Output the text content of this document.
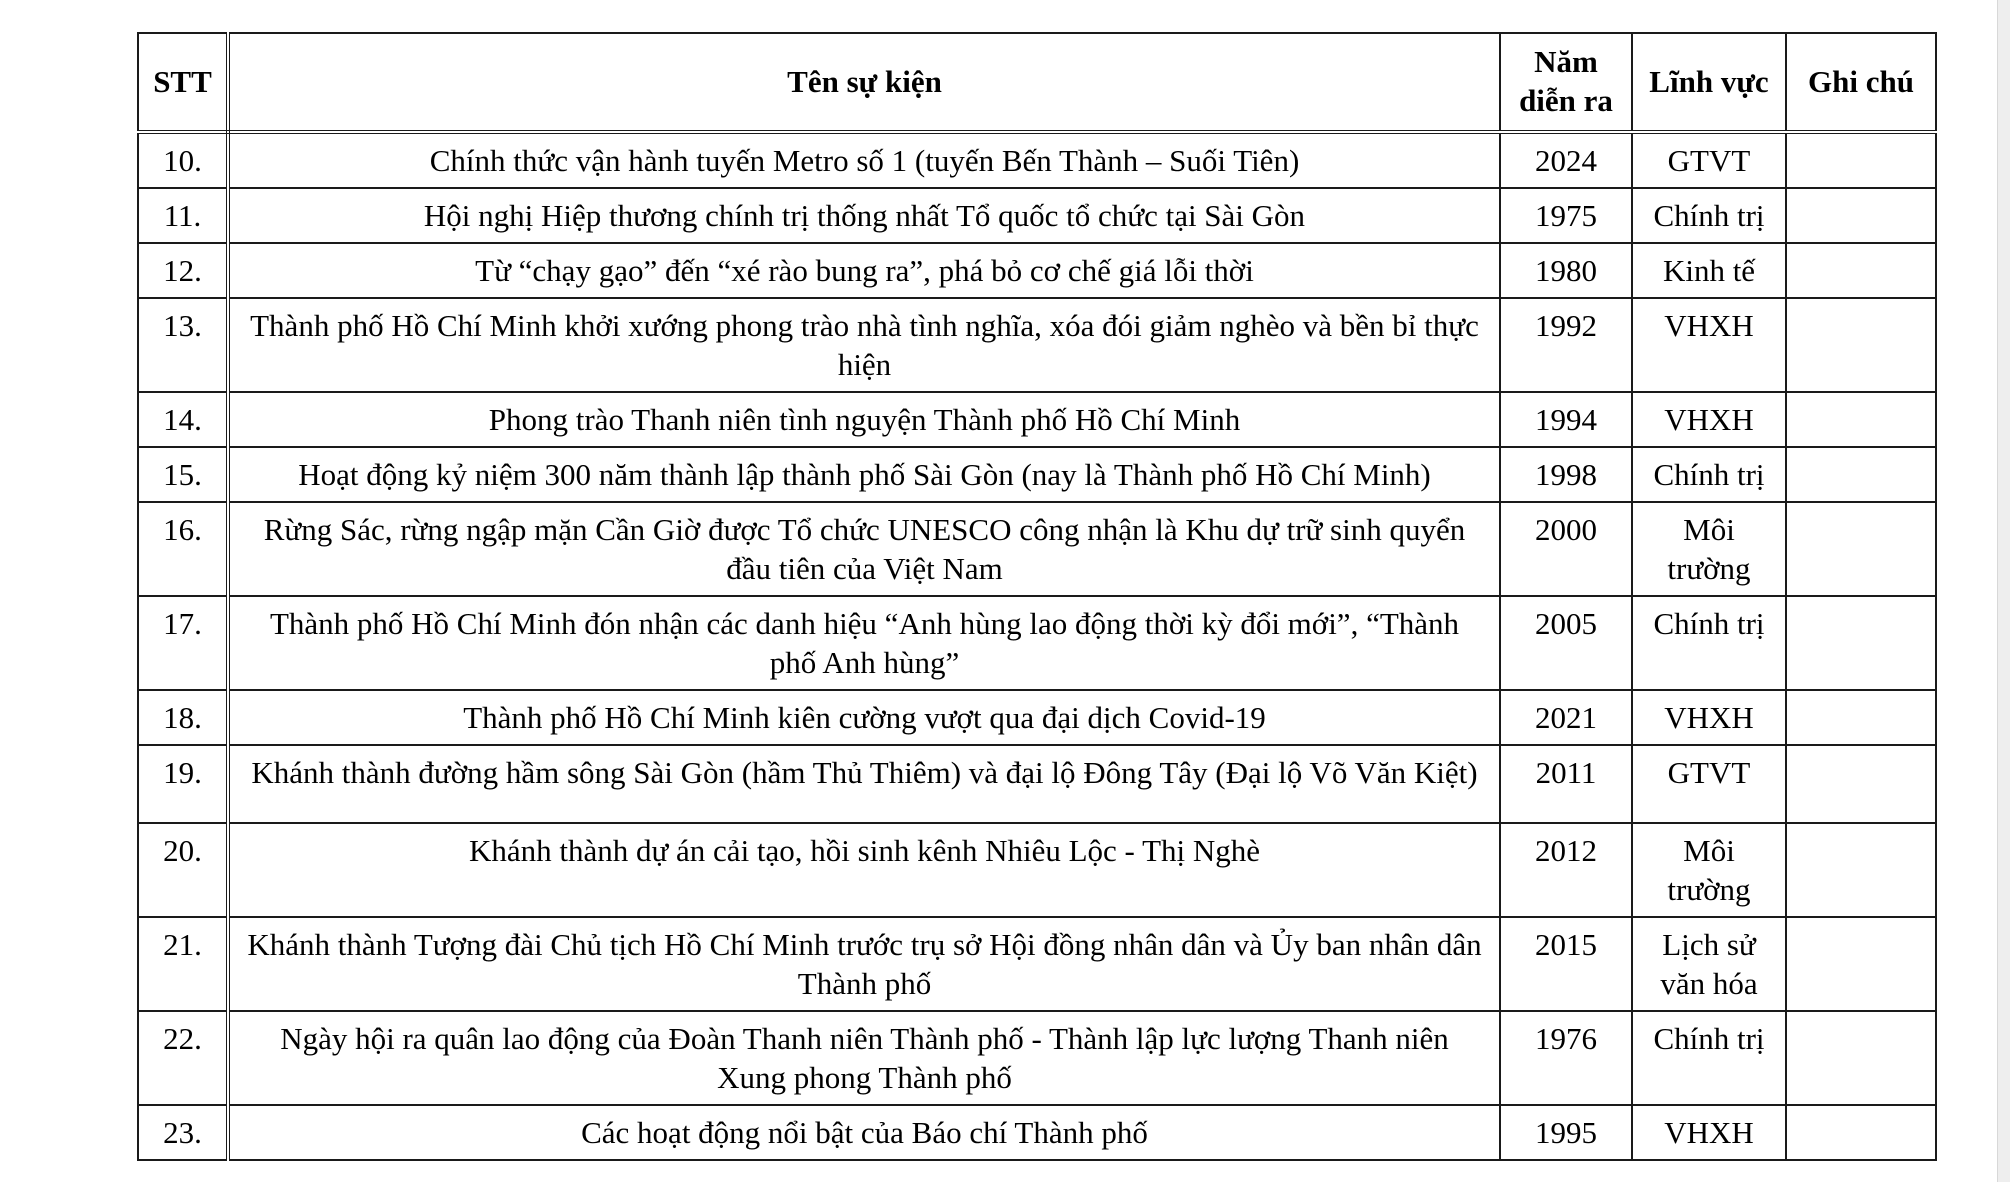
STT	Tên sự kiện	Năm diễn ra	Lĩnh vực	Ghi chú
10.	Chính thức vận hành tuyến Metro số 1 (tuyến Bến Thành – Suối Tiên)	2024	GTVT	
11.	Hội nghị Hiệp thương chính trị thống nhất Tổ quốc tổ chức tại Sài Gòn	1975	Chính trị	
12.	Từ “chạy gạo” đến “xé rào bung ra”, phá bỏ cơ chế giá lỗi thời	1980	Kinh tế	
13.	Thành phố Hồ Chí Minh khởi xướng phong trào nhà tình nghĩa, xóa đói giảm nghèo và bền bỉ thực hiện	1992	VHXH	
14.	Phong trào Thanh niên tình nguyện Thành phố Hồ Chí Minh	1994	VHXH	
15.	Hoạt động kỷ niệm 300 năm thành lập thành phố Sài Gòn (nay là Thành phố Hồ Chí Minh)	1998	Chính trị	
16.	Rừng Sác, rừng ngập mặn Cần Giờ được Tổ chức UNESCO công nhận là Khu dự trữ sinh quyển đầu tiên của Việt Nam	2000	Môi trường	
17.	Thành phố Hồ Chí Minh đón nhận các danh hiệu “Anh hùng lao động thời kỳ đổi mới”, “Thành phố Anh hùng”	2005	Chính trị	
18.	Thành phố Hồ Chí Minh kiên cường vượt qua đại dịch Covid-19	2021	VHXH	
19.	Khánh thành đường hầm sông Sài Gòn (hầm Thủ Thiêm) và đại lộ Đông Tây (Đại lộ Võ Văn Kiệt)	2011	GTVT	
20.	Khánh thành dự án cải tạo, hồi sinh kênh Nhiêu Lộc - Thị Nghè	2012	Môi trường	
21.	Khánh thành Tượng đài Chủ tịch Hồ Chí Minh trước trụ sở Hội đồng nhân dân và Ủy ban nhân dân Thành phố	2015	Lịch sử văn hóa	
22.	Ngày hội ra quân lao động của Đoàn Thanh niên Thành phố - Thành lập lực lượng Thanh niên Xung phong Thành phố	1976	Chính trị	
23.	Các hoạt động nổi bật của Báo chí Thành phố	1995	VHXH	
